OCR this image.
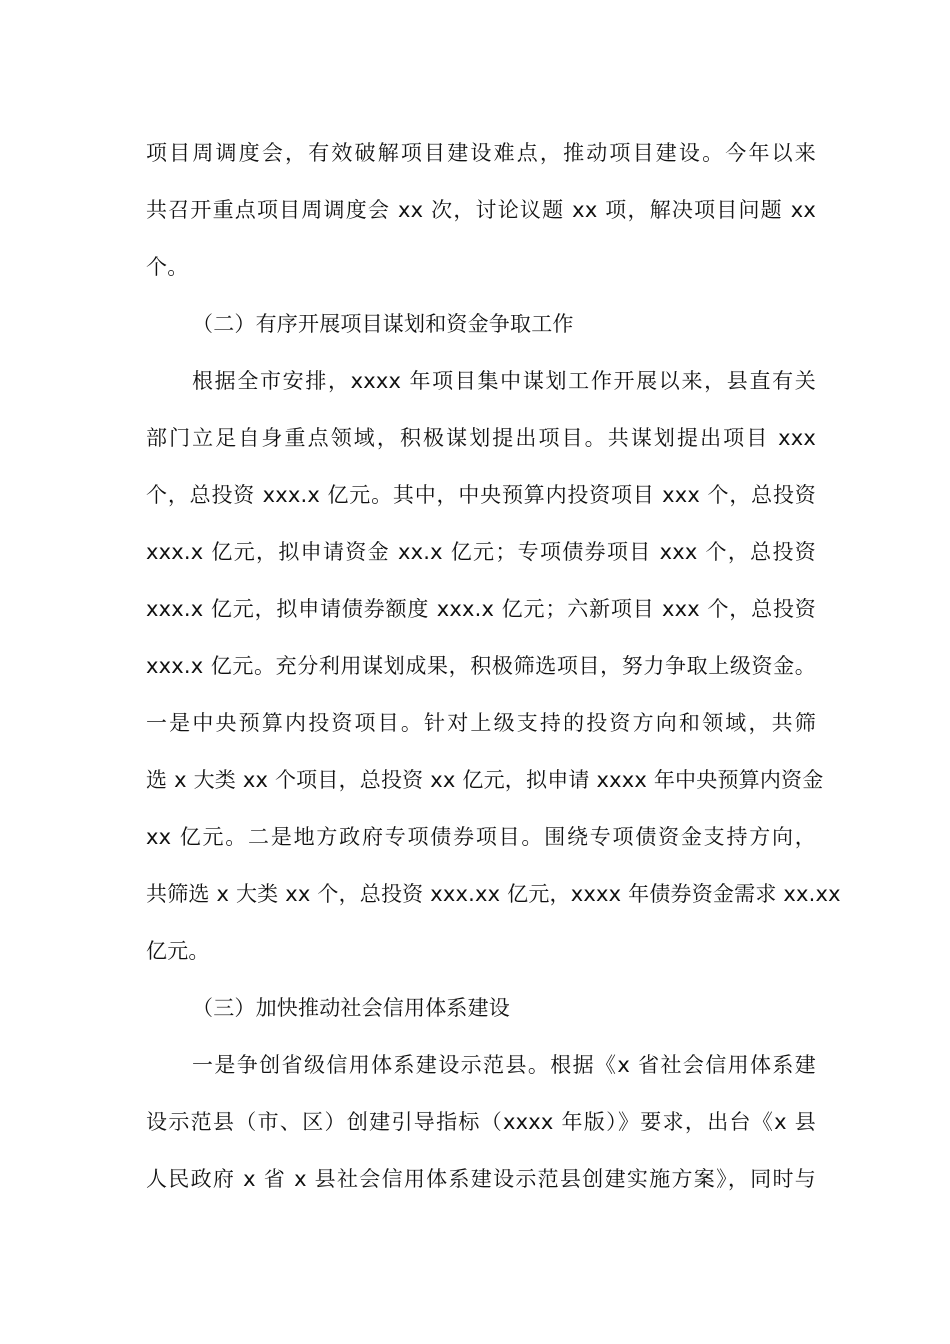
项目周调度会，有效破解项目建设难点，推动项目建设。今年以来
共召开重点项目周调度会 xx 次，讨论议题 xx 项，解决项目问题 xx
个。
（二）有序开展项目谋划和资金争取工作
根据全市安排，xxxx 年项目集中谋划工作开展以来，县直有关
部门立足自身重点领域，积极谋划提出项目。共谋划提出项目 xxx
个，总投资 xxx.x 亿元。其中，中央预算内投资项目 xxx 个，总投资
xxx.x 亿元，拟申请资金 xx.x 亿元；专项债券项目 xxx 个，总投资
xxx.x 亿元，拟申请债券额度 xxx.x 亿元；六新项目 xxx 个，总投资
xxx.x 亿元。充分利用谋划成果，积极筛选项目，努力争取上级资金。
一是中央预算内投资项目。针对上级支持的投资方向和领域，共筛
选 x 大类 xx 个项目，总投资 xx 亿元，拟申请 xxxx 年中央预算内资金
xx 亿元。二是地方政府专项债券项目。围绕专项债资金支持方向，
共筛选 x 大类 xx 个，总投资 xxx.xx 亿元，xxxx 年债券资金需求 xx.xx
亿元。
（三）加快推动社会信用体系建设
一是争创省级信用体系建设示范县。根据《x 省社会信用体系建
设示范县（市、区）创建引导指标（xxxx 年版）》要求，出台《x 县
人民政府 x 省 x 县社会信用体系建设示范县创建实施方案》，同时与
